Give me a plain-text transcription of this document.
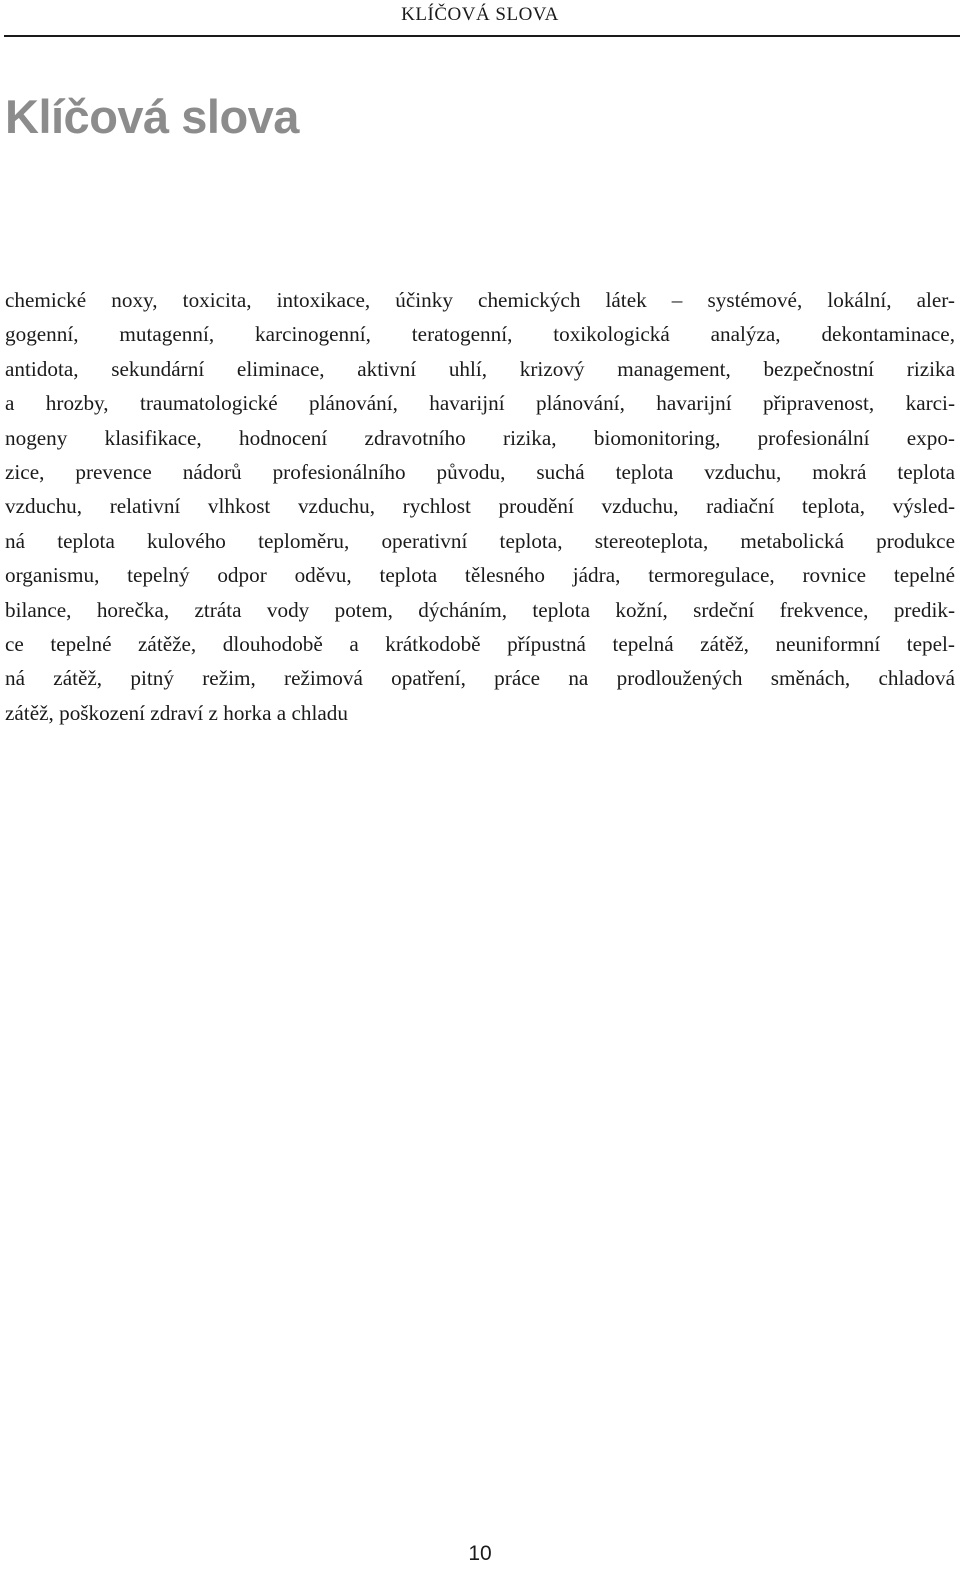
KLÍČOVÁ SLOVA
Klíčová slova

chemické noxy, toxicita, intoxikace, účinky chemických látek – systémové, lokální, aler-
gogenní, mutagenní, karcinogenní, teratogenní, toxikologická analýza, dekontaminace,
antidota, sekundární eliminace, aktivní uhlí, krizový management, bezpečnostní rizika
a hrozby, traumatologické plánování, havarijní plánování, havarijní připravenost, karci-
nogeny klasifikace, hodnocení zdravotního rizika, biomonitoring, profesionální expo-
zice, prevence nádorů profesionálního původu, suchá teplota vzduchu, mokrá teplota
vzduchu, relativní vlhkost vzduchu, rychlost proudění vzduchu, radiační teplota, výsled-
ná teplota kulového teploměru, operativní teplota, stereoteplota, metabolická produkce
organismu, tepelný odpor oděvu, teplota tělesného jádra, termoregulace, rovnice tepelné
bilance, horečka, ztráta vody potem, dýcháním, teplota kožní, srdeční frekvence, predik-
ce tepelné zátěže, dlouhodobě a krátkodobě přípustná tepelná zátěž, neuniformní tepel-
ná zátěž, pitný režim, režimová opatření, práce na prodloužených směnách, chladová
zátěž, poškození zdraví z horka a chladu

10
